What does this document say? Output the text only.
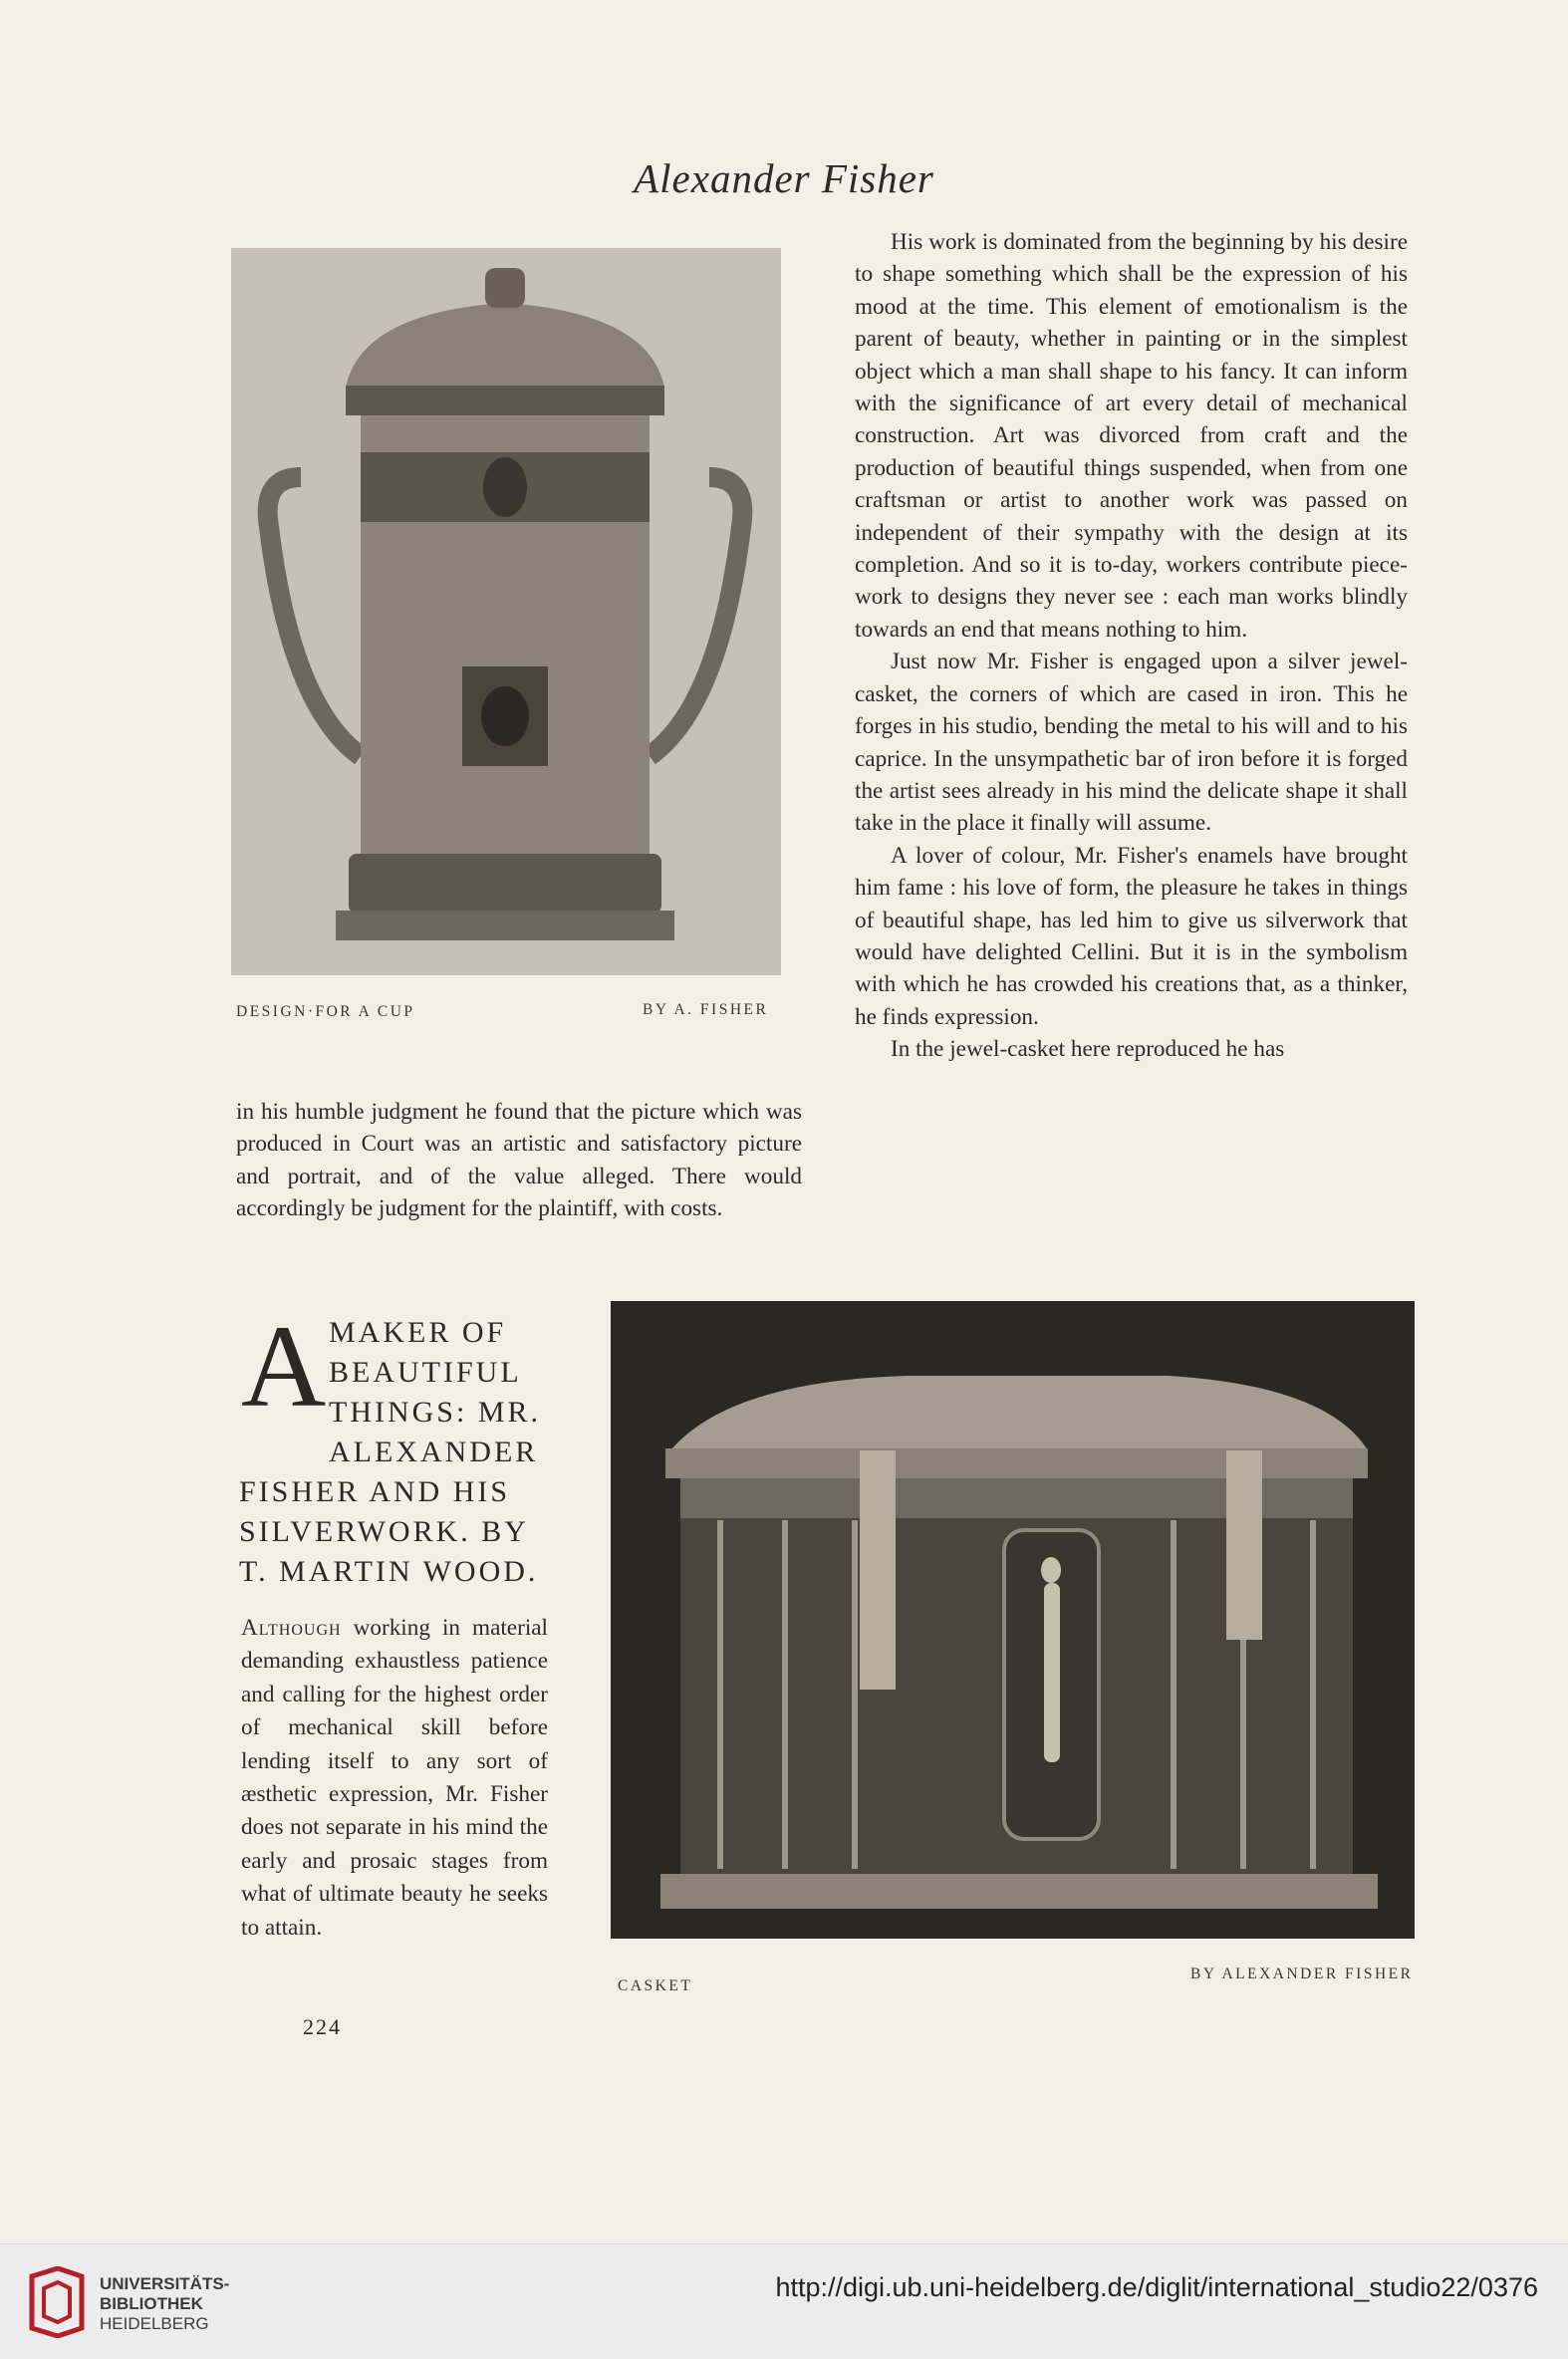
Alexander Fisher
DESIGN·FOR A CUP	BY A. FISHER

His work is dominated from the beginning by his desire to shape something which shall be the expression of his mood at the time. This element of emotionalism is the parent of beauty, whether in painting or in the simplest object which a man shall shape to his fancy. It can inform with the significance of art every detail of mechanical construction. Art was divorced from craft and the production of beautiful things suspended, when from one craftsman or artist to another work was passed on independent of their sympathy with the design at its completion. And so it is to-day, workers contribute piece-work to designs they never see : each man works blindly towards an end that means nothing to him.

Just now Mr. Fisher is engaged upon a silver jewel-casket, the corners of which are cased in iron. This he forges in his studio, bending the metal to his will and to his caprice. In the unsympathetic bar of iron before it is forged the artist sees already in his mind the delicate shape it shall take in the place it finally will assume.

A lover of colour, Mr. Fisher's enamels have brought him fame : his love of form, the pleasure he takes in things of beautiful shape, has led him to give us silverwork that would have delighted Cellini. But it is in the symbolism with which he has crowded his creations that, as a thinker, he finds expression.

In the jewel-casket here reproduced he has

in his humble judgment he found that the picture which was produced in Court was an artistic and satisfactory picture and portrait, and of the value alleged. There would accordingly be judgment for the plaintiff, with costs.

A MAKER OF
BEAUTIFUL
THINGS: MR.
ALEXANDER
FISHER AND HIS
SILVERWORK. BY
T. MARTIN WOOD.
Although working in material demanding exhaustless patience and calling for the highest order of mechanical skill before lending itself to any sort of æsthetic expression, Mr. Fisher does not separate in his mind the early and prosaic stages from what of ultimate beauty he seeks to attain.
CASKET
BY ALEXANDER FISHER
224
UNIVERSITÄTS-
BIBLIOTHEK
HEIDELBERG
http://digi.ub.uni-heidelberg.de/diglit/international_studio22/0376
